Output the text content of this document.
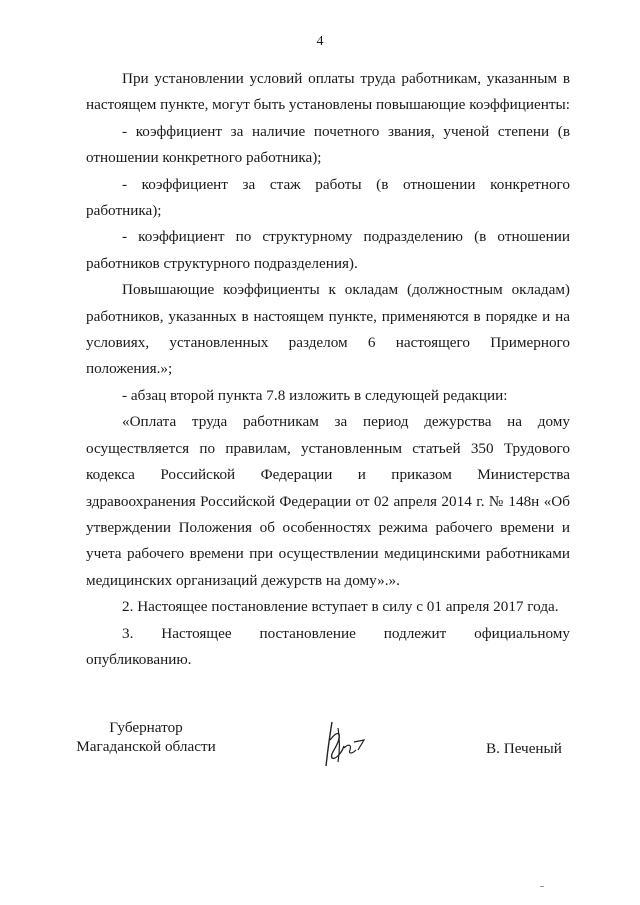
4

При установлении условий оплаты труда работникам, указанным в настоящем пункте, могут быть установлены повышающие коэффициенты:

- коэффициент за наличие почетного звания, ученой степени (в отношении конкретного работника);

- коэффициент за стаж работы (в отношении конкретного работника);

- коэффициент по структурному подразделению (в отношении работников структурного подразделения).

Повышающие коэффициенты к окладам (должностным окладам) работников, указанных в настоящем пункте, применяются в порядке и на условиях, установленных разделом 6 настоящего Примерного положения.»;

- абзац второй пункта 7.8 изложить в следующей редакции:

«Оплата труда работникам за период дежурства на дому осуществляется по правилам, установленным статьей 350 Трудового кодекса Российской Федерации и приказом Министерства здравоохранения Российской Федерации от 02 апреля 2014 г. № 148н «Об утверждении Положения об особенностях режима рабочего времени и учета рабочего времени при осуществлении медицинскими работниками медицинских организаций дежурств на дому».».

2. Настоящее постановление вступает в силу с 01 апреля 2017 года.

3. Настоящее постановление подлежит официальному опубликованию.

Губернатор
Магаданской области	В. Печеный
